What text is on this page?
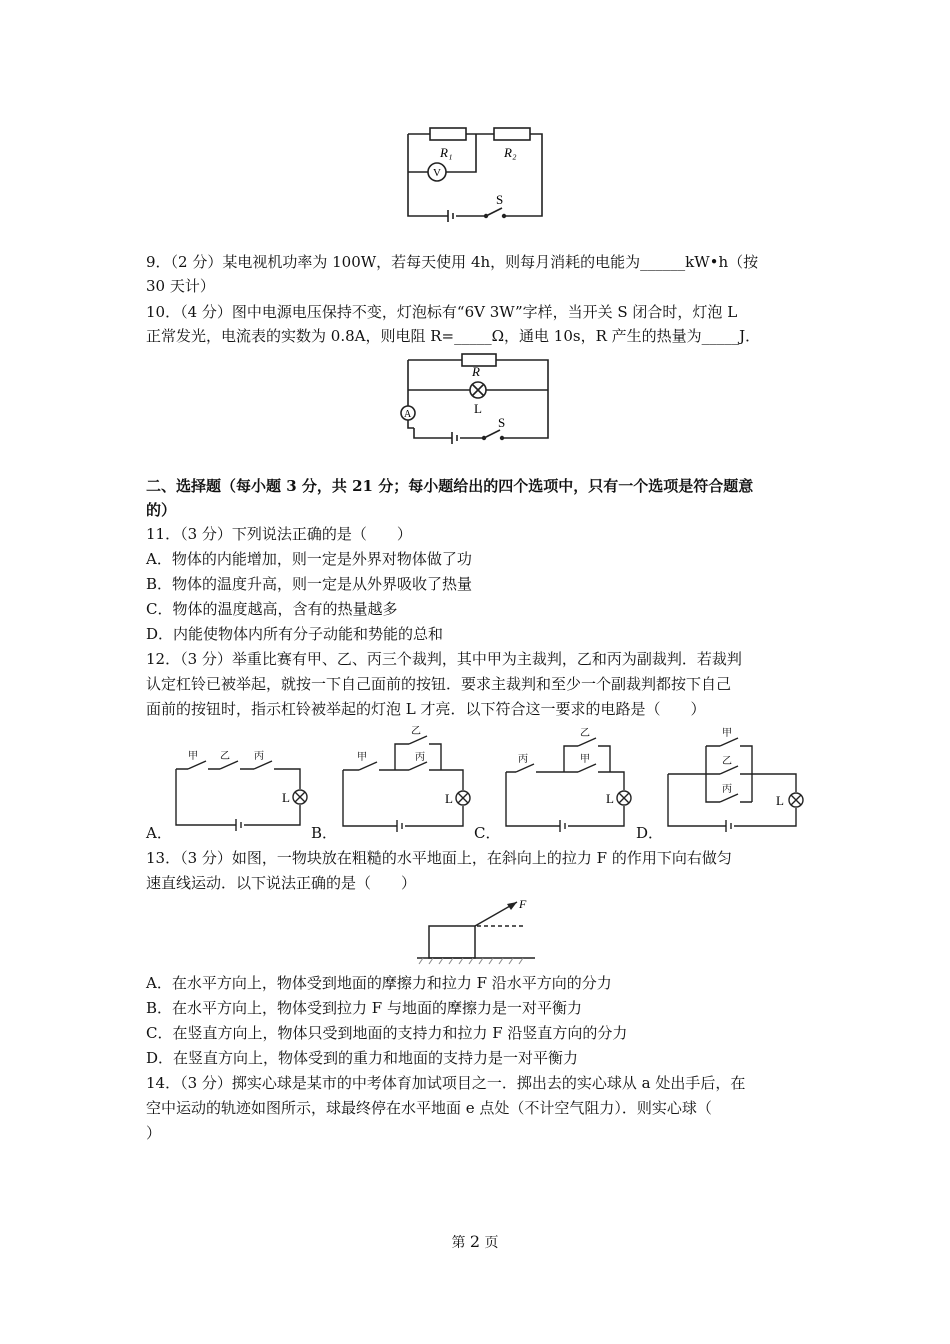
R₁	R₂
V
S
9．（2 分）某电视机功率为 100W，若每天使用 4h，则每月消耗的电能为______kW•h（按
30 天计）
10．（4 分）图中电源电压保持不变，灯泡标有“6V 3W”字样，当开关 S 闭合时，灯泡 L
正常发光，电流表的实数为 0.8A，则电阻 R=_____Ω，通电 10s，R 产生的热量为_____J．
R
L
A
S
二、选择题（每小题 3 分，共 21 分；每小题给出的四个选项中，只有一个选项是符合题意
的）
11．（3 分）下列说法正确的是（　　）
A．物体的内能增加，则一定是外界对物体做了功
B．物体的温度升高，则一定是从外界吸收了热量
C．物体的温度越高，含有的热量越多
D．内能使物体内所有分子动能和势能的总和
12．（3 分）举重比赛有甲、乙、丙三个裁判，其中甲为主裁判，乙和丙为副裁判．若裁判
认定杠铃已被举起，就按一下自己面前的按钮．要求主裁判和至少一个副裁判都按下自己
面前的按钮时，指示杠铃被举起的灯泡 L 才亮．以下符合这一要求的电路是（　　）
甲 乙 丙
L
A．
甲
乙
丙
L
B．
丙
乙
甲
L
C．
甲
乙
丙
L
D．
13．（3 分）如图，一物块放在粗糙的水平地面上，在斜向上的拉力 F 的作用下向右做匀
速直线运动．以下说法正确的是（　　）
F
A．在水平方向上，物体受到地面的摩擦力和拉力 F 沿水平方向的分力
B．在水平方向上，物体受到拉力 F 与地面的摩擦力是一对平衡力
C．在竖直方向上，物体只受到地面的支持力和拉力 F 沿竖直方向的分力
D．在竖直方向上，物体受到的重力和地面的支持力是一对平衡力
14．（3 分）掷实心球是某市的中考体育加试项目之一．掷出去的实心球从 a 处出手后，在
空中运动的轨迹如图所示，球最终停在水平地面 e 点处（不计空气阻力）．则实心球（
）
第 2 页
